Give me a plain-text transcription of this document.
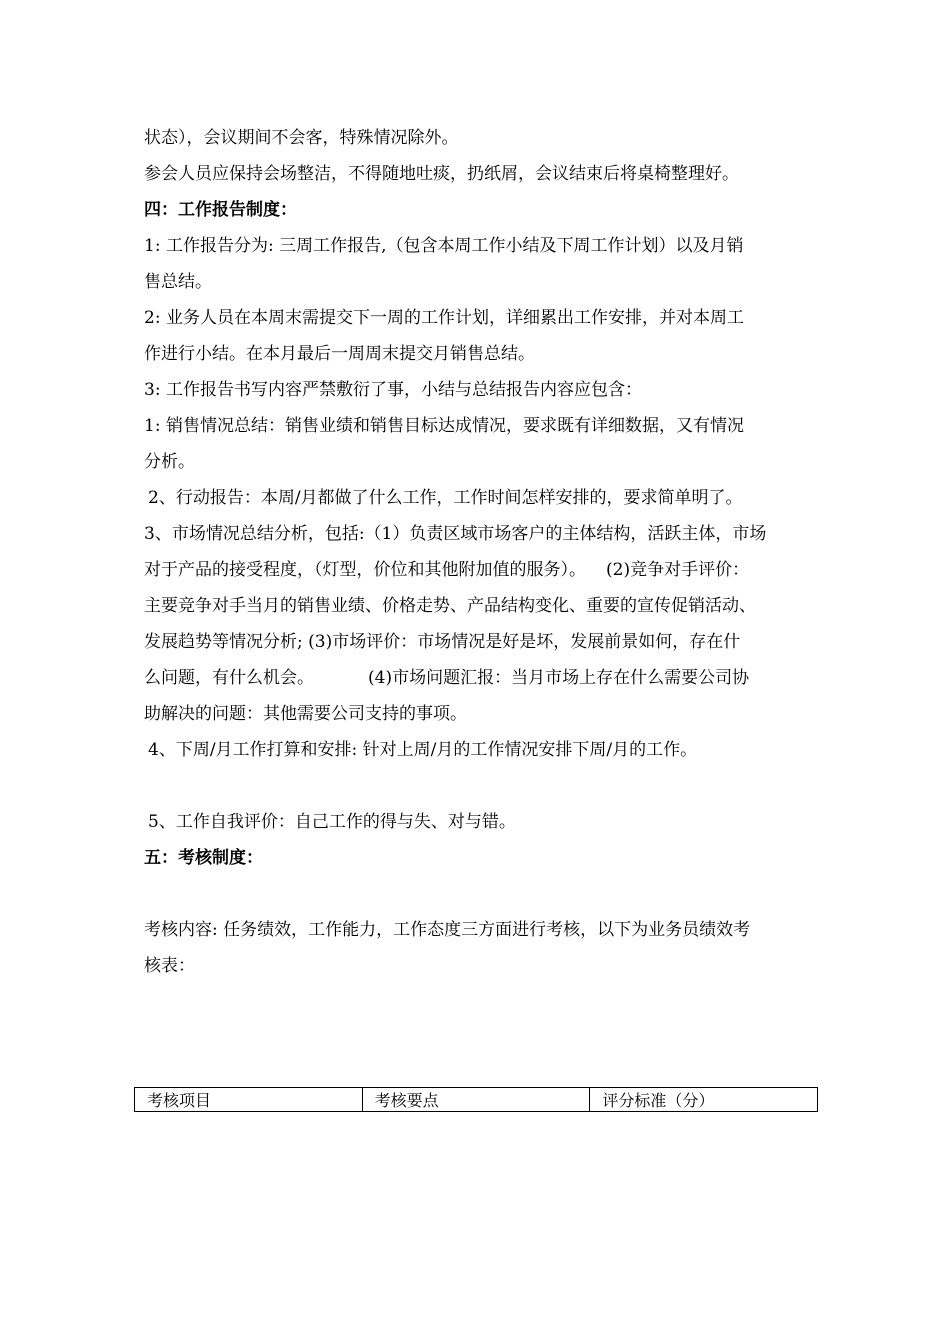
状态），会议期间不会客，特殊情况除外。

参会人员应保持会场整洁，不得随地吐痰，扔纸屑，会议结束后将桌椅整理好。

四：工作报告制度：

1: 工作报告分为: 三周工作报告,（包含本周工作小结及下周工作计划）以及月销

售总结。

2: 业务人员在本周末需提交下一周的工作计划，详细累出工作安排，并对本周工

作进行小结。在本月最后一周周末提交月销售总结。

3: 工作报告书写内容严禁敷衍了事，小结与总结报告内容应包含：

1: 销售情况总结：销售业绩和销售目标达成情况，要求既有详细数据，又有情况

分析。

2、行动报告：本周/月都做了什么工作，工作时间怎样安排的，要求简单明了。

3、市场情况总结分析，包括:（1）负责区域市场客户的主体结构，活跃主体，市场

对于产品的接受程度，（灯型，价位和其他附加值的服务）。 (2)竞争对手评价：

主要竞争对手当月的销售业绩、价格走势、产品结构变化、重要的宣传促销活动、

发展趋势等情况分析; (3)市场评价：市场情况是好是坏，发展前景如何，存在什

么问题，有什么机会。	(4)市场问题汇报：当月市场上存在什么需要公司协

助解决的问题：其他需要公司支持的事项。

4、下周/月工作打算和安排: 针对上周/月的工作情况安排下周/月的工作。

5、工作自我评价：自己工作的得与失、对与错。

五：考核制度：

考核内容: 任务绩效，工作能力，工作态度三方面进行考核，以下为业务员绩效考

核表：

考核项目	考核要点	评分标准（分）
